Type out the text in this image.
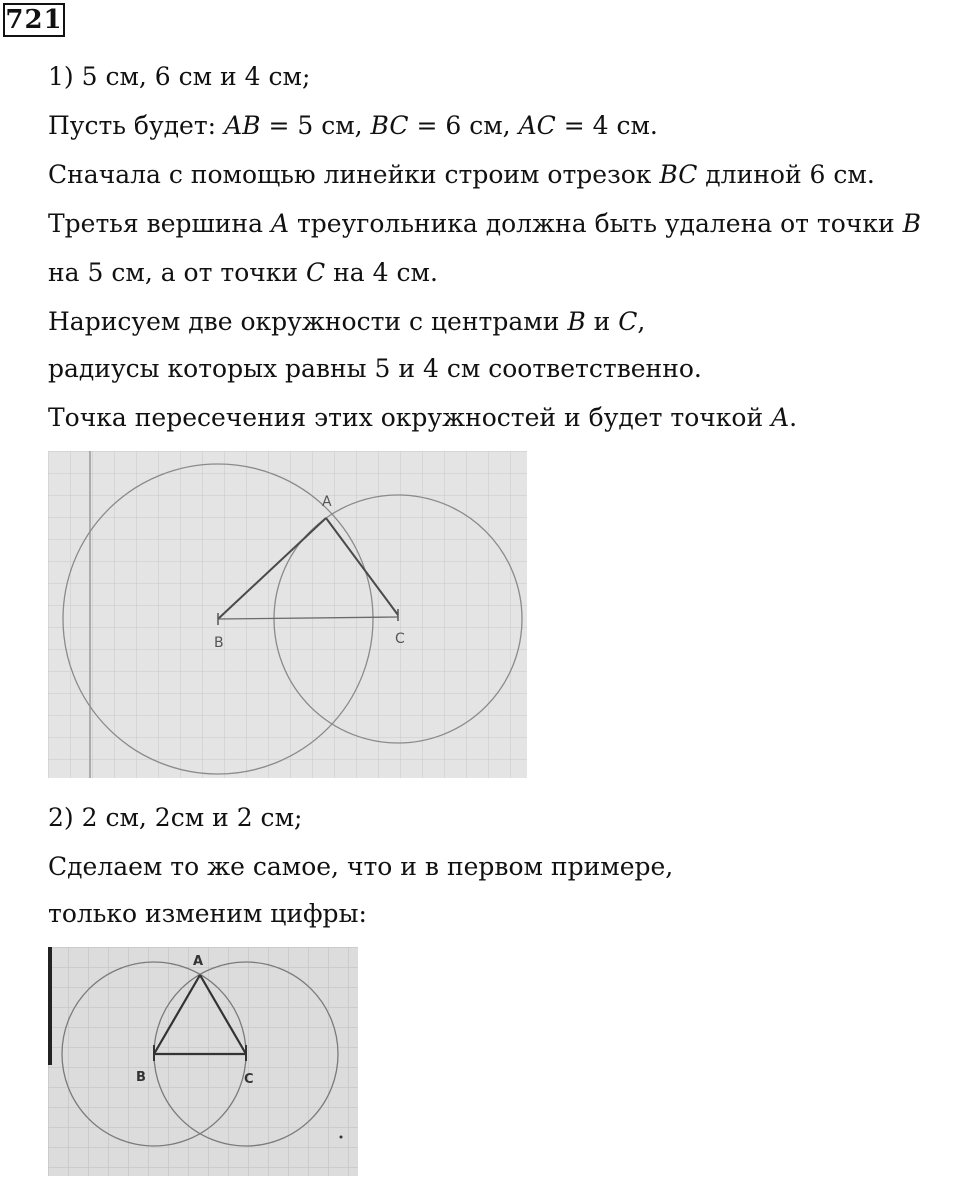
721
1) 5 см, 6 см и 4 см;
Пусть будет: AB = 5 см, BC = 6 см, AC = 4 см.
Сначала с помощью линейки строим отрезок BC длиной 6 см.
Третья вершина A треугольника должна быть удалена от точки B
на 5 см, а от точки C на 4 см.
Нарисуем две окружности с центрами B и C,
радиусы которых равны 5 и 4 см соответственно.
Точка пересечения этих окружностей и будет точкой A.
A
B	C
2) 2 см, 2см и 2 см;
Сделаем то же самое, что и в первом примере,
только изменим цифры:
A
B	C
